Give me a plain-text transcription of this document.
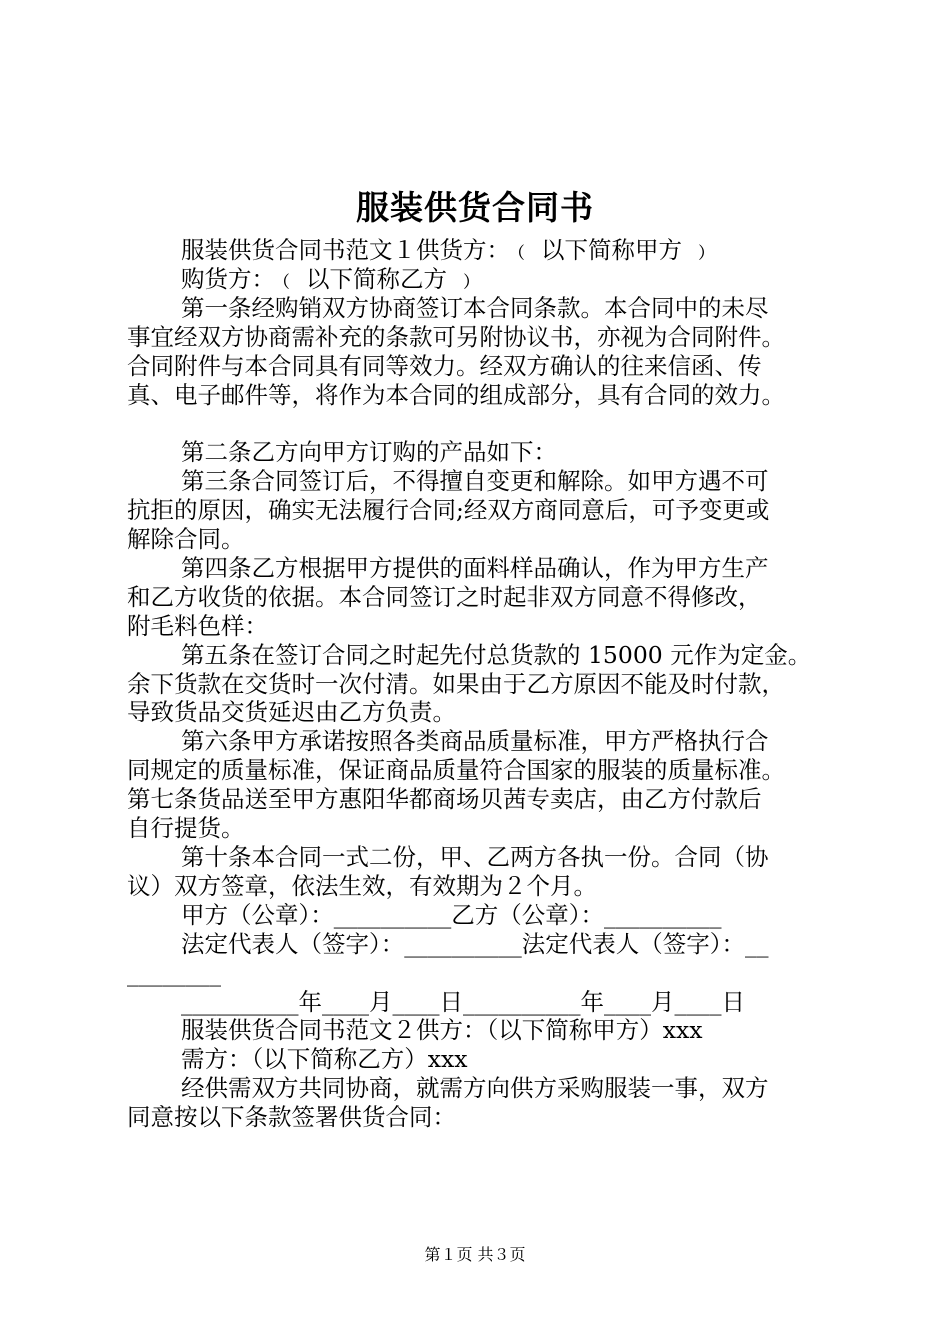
服装供货合同书

服装供货合同书范文１供货方：﹙ 以下简称甲方 ﹚

购货方：﹙ 以下简称乙方 ﹚

第一条经购销双方协商签订本合同条款。本合同中的未尽

事宜经双方协商需补充的条款可另附协议书，亦视为合同附件。

合同附件与本合同具有同等效力。经双方确认的往来信函、传

真、电子邮件等，将作为本合同的组成部分，具有合同的效力。

第二条乙方向甲方订购的产品如下：

第三条合同签订后，不得擅自变更和解除。如甲方遇不可

抗拒的原因，确实无法履行合同;经双方商同意后，可予变更或

解除合同。

第四条乙方根据甲方提供的面料样品确认，作为甲方生产

和乙方收货的依据。本合同签订之时起非双方同意不得修改，

附毛料色样：

第五条在签订合同之时起先付总货款的 15000 元作为定金。

余下货款在交货时一次付清。如果由于乙方原因不能及时付款，

导致货品交货延迟由乙方负责。

第六条甲方承诺按照各类商品质量标准，甲方严格执行合

同规定的质量标准，保证商品质量符合国家的服装的质量标准。

第七条货品送至甲方惠阳华都商场贝茜专卖店，由乙方付款后

自行提货。

第十条本合同一式二份，甲、乙两方各执一份。合同（协

议）双方签章，依法生效，有效期为２个月。

甲方（公章）：__________乙方（公章）：__________

法定代表人（签字）：__________法定代表人（签字）：__

________

__________年____月____日__________年____月____日

服装供货合同书范文２供方：（以下简称甲方）xxx

需方：（以下简称乙方）xxx

经供需双方共同协商，就需方向供方采购服装一事，双方

同意按以下条款签署供货合同：

第１页 共３页
